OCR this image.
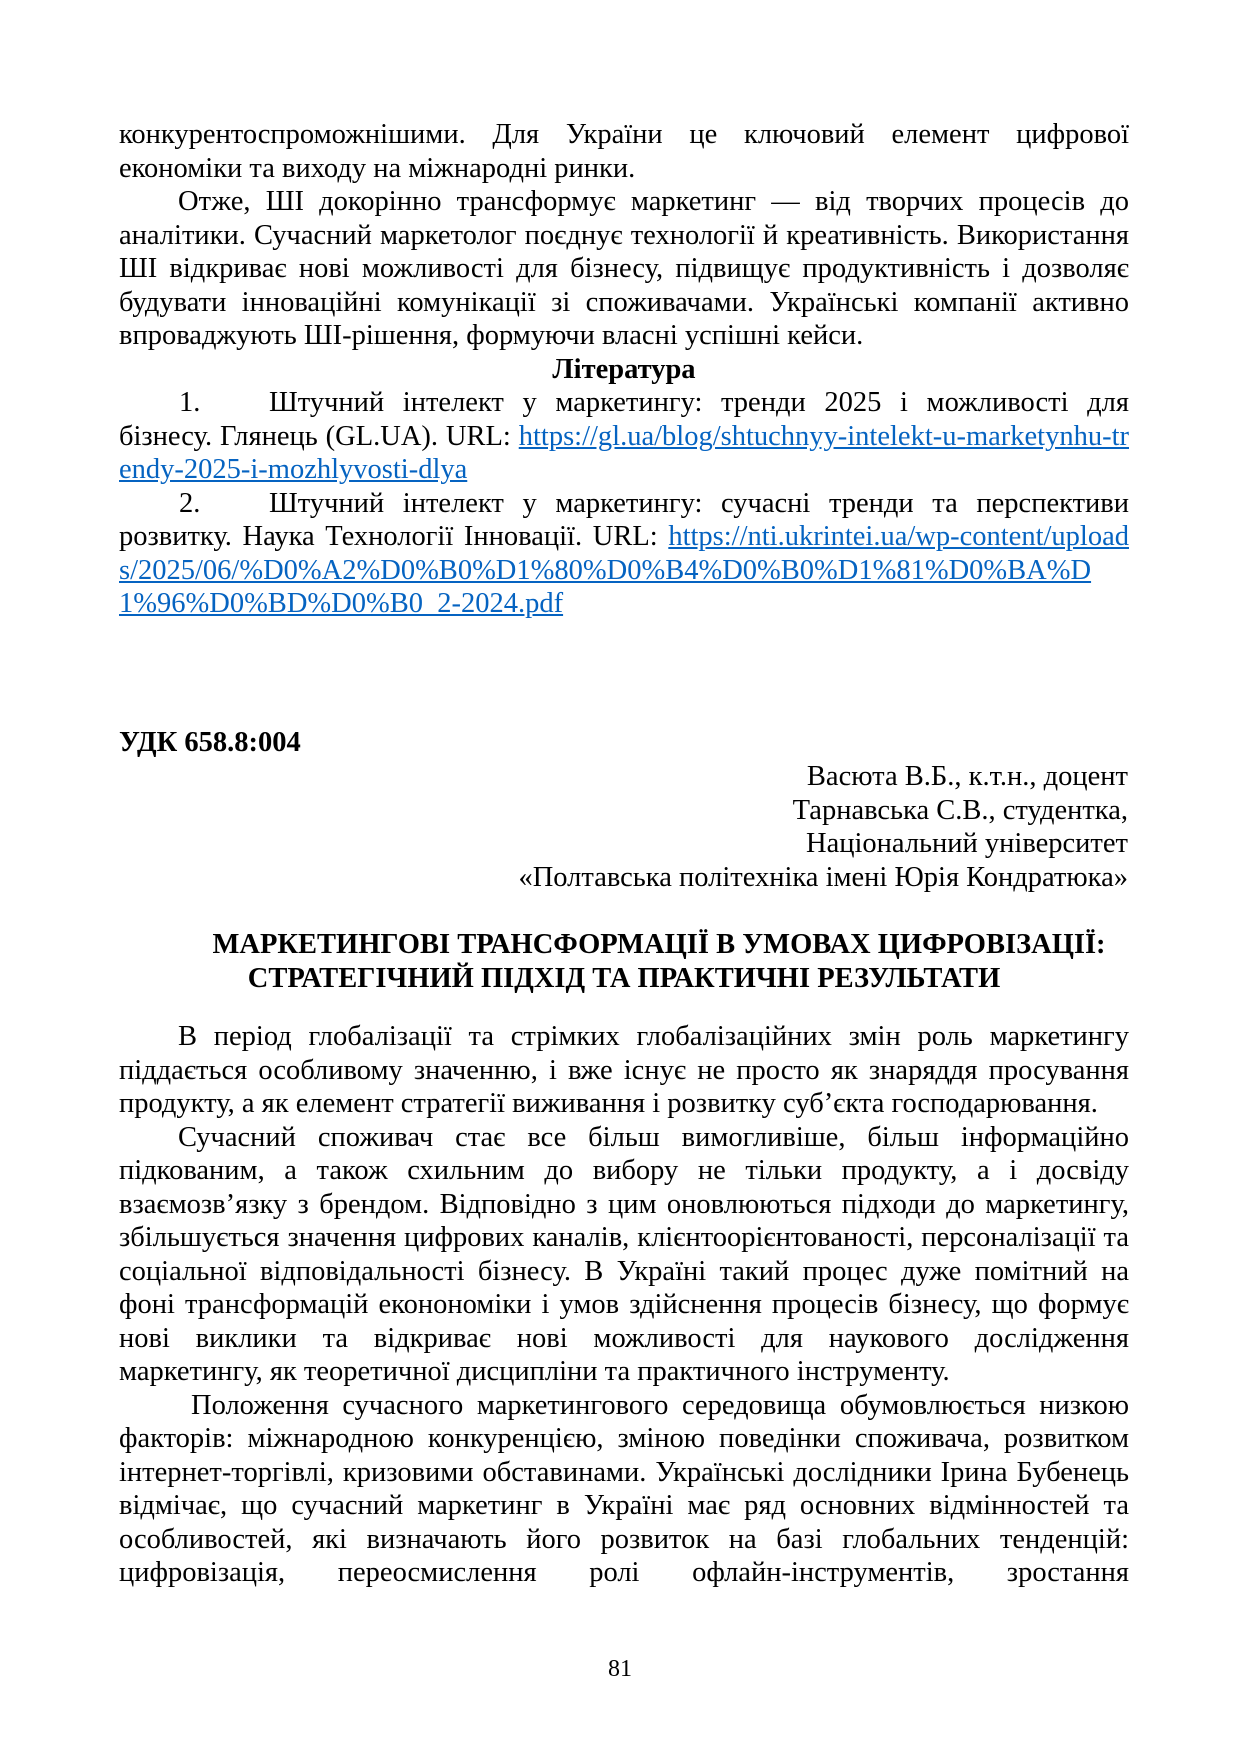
конкурентоспроможнішими. Для України це ключовий елемент цифрової економіки та виходу на міжнародні ринки.

Отже, ШІ докорінно трансформує маркетинг — від творчих процесів до аналітики. Сучасний маркетолог поєднує технології й креативність. Використання ШІ відкриває нові можливості для бізнесу, підвищує продуктивність і дозволяє будувати інноваційні комунікації зі споживачами. Українські компанії активно впроваджують ШІ-рішення, формуючи власні успішні кейси.

Література

1. Штучний інтелект у маркетингу: тренди 2025 і можливості для бізнесу. Глянець (GL.UA). URL: https://gl.ua/blog/shtuchnyy-intelekt-u-marketynhu-trendy-2025-i-mozhlyvosti-dlya

2. Штучний інтелект у маркетингу: сучасні тренди та перспективи розвитку. Наука Технології Інновації. URL: https://nti.ukrintei.ua/wp-content/uploads/2025/06/%D0%A2%D0%B0%D1%80%D0%B4%D0%B0%D1%81%D0%BA%D1%96%D0%BD%D0%B0_2-2024.pdf

УДК 658.8:004

Васюта В.Б., к.т.н., доцент
Тарнавська С.В., студентка,
Національний університет
«Полтавська політехніка імені Юрія Кондратюка»
МАРКЕТИНГОВІ ТРАНСФОРМАЦІЇ В УМОВАХ ЦИФРОВІЗАЦІЇ:
СТРАТЕГІЧНИЙ ПІДХІД ТА ПРАКТИЧНІ РЕЗУЛЬТАТИ

В період глобалізації та стрімких глобалізаційних змін роль маркетингу піддається особливому значенню, і вже існує не просто як знаряддя просування продукту, а як елемент стратегії виживання і розвитку суб’єкта господарювання.

Сучасний споживач стає все більш вимогливіше, більш інформаційно підкованим, а також схильним до вибору не тільки продукту, а і досвіду взаємозв’язку з брендом. Відповідно з цим оновлюються підходи до маркетингу, збільшується значення цифрових каналів, клієнтоорієнтованості, персоналізації та соціальної відповідальності бізнесу. В Україні такий процес дуже помітний на фоні трансформацій еконономіки і умов здійснення процесів бізнесу, що формує нові виклики та відкриває нові можливості для наукового дослідження маркетингу, як теоретичної дисципліни та практичного інструменту.

Положення сучасного маркетингового середовища обумовлюється низкою факторів: міжнародною конкуренцією, зміною поведінки споживача, розвитком інтернет-торгівлі, кризовими обставинами. Українські дослідники Ірина Бубенець відмічає, що сучасний маркетинг в Україні має ряд основних відмінностей та особливостей, які визначають його розвиток на базі глобальних тенденцій: цифровізація, переосмислення ролі офлайн-інструментів, зростання

81
